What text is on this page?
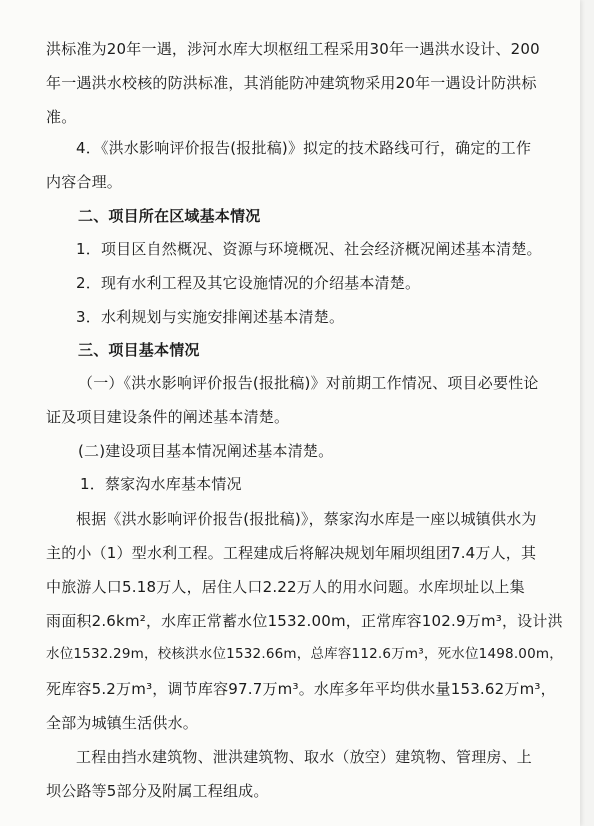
洪标准为20年一遇，涉河水库大坝枢纽工程采用30年一遇洪水设计、200
年一遇洪水校核的防洪标准，其消能防冲建筑物采用20年一遇设计防洪标
准。
4．《洪水影响评价报告(报批稿)》拟定的技术路线可行，确定的工作
内容合理。
二、项目所在区域基本情况
1．项目区自然概况、资源与环境概况、社会经济概况阐述基本清楚。
2．现有水利工程及其它设施情况的介绍基本清楚。
3．水利规划与实施安排阐述基本清楚。
三、项目基本情况
（一）《洪水影响评价报告(报批稿)》对前期工作情况、项目必要性论
证及项目建设条件的阐述基本清楚。
(二)建设项目基本情况阐述基本清楚。
1．蔡家沟水库基本情况
根据《洪水影响评价报告(报批稿)》，蔡家沟水库是一座以城镇供水为
主的小（1）型水利工程。工程建成后将解决规划年厢坝组团7.4万人，其
中旅游人口5.18万人，居住人口2.22万人的用水问题。水库坝址以上集
雨面积2.6km²，水库正常蓄水位1532.00m，正常库容102.9万m³，设计洪
水位1532.29m，校核洪水位1532.66m，总库容112.6万m³，死水位1498.00m，
死库容5.2万m³，调节库容97.7万m³。水库多年平均供水量153.62万m³，
全部为城镇生活供水。
工程由挡水建筑物、泄洪建筑物、取水（放空）建筑物、管理房、上
坝公路等5部分及附属工程组成。
